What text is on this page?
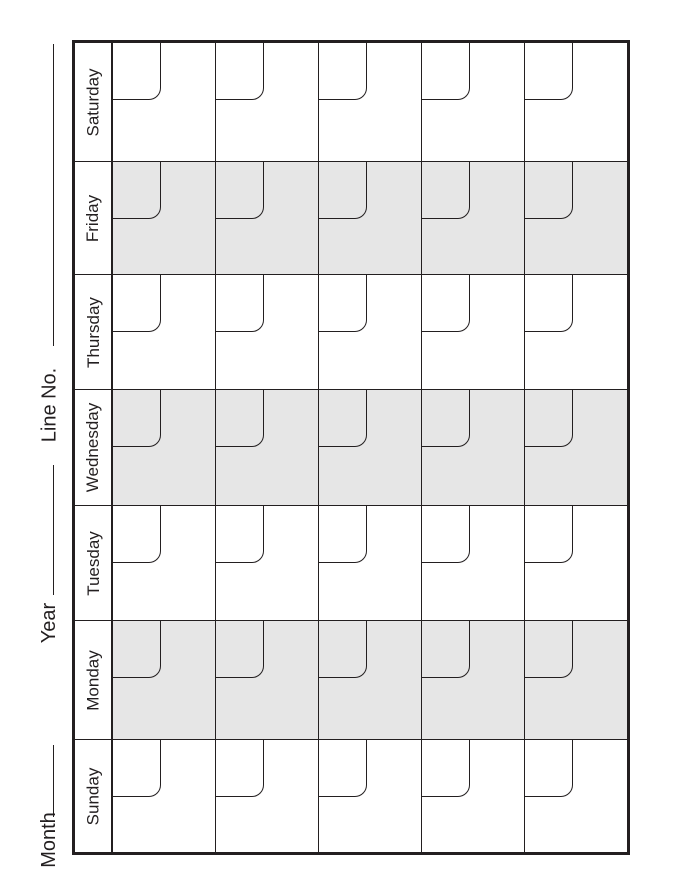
Month
Year
Line No.
Sunday
Monday
Tuesday
Wednesday
Thursday
Friday
Saturday
